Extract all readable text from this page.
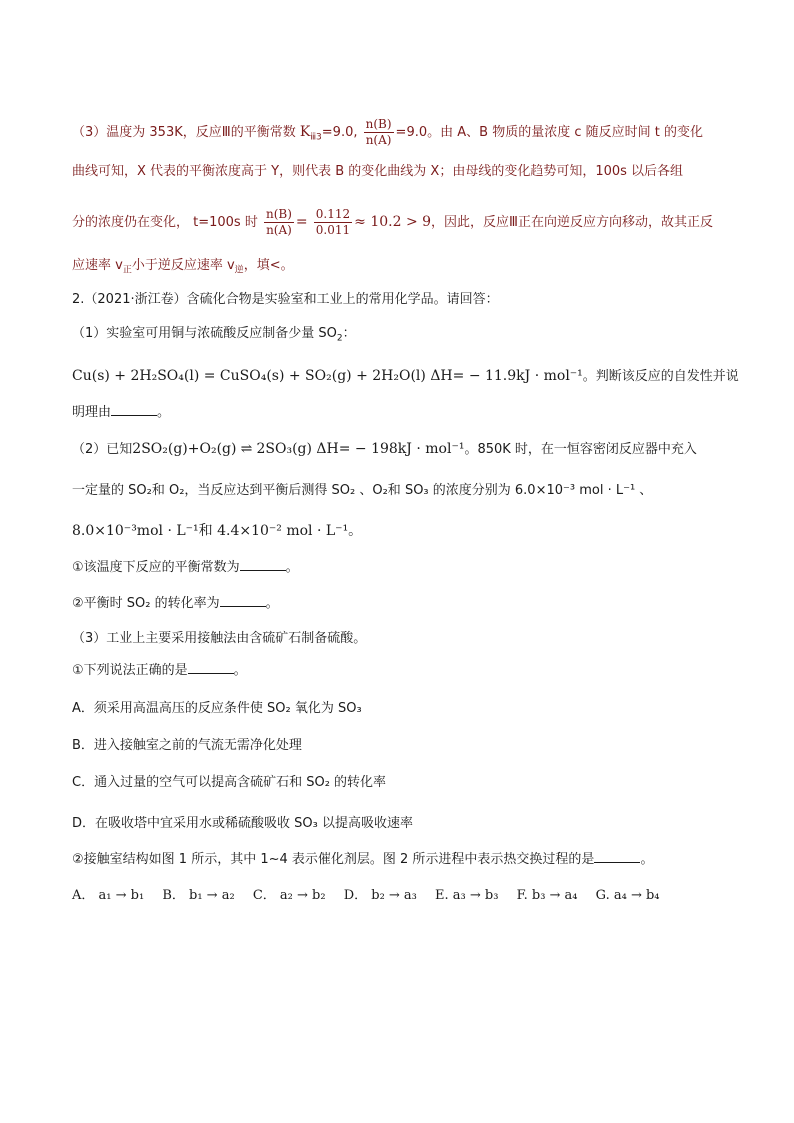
（3）温度为 353K，反应Ⅲ的平衡常数 $K_{ⅲ3}=9.0$, $\frac{n(B)}{n(A)} =9.0$。由 A、B 物质的量浓度 c 随反应时间 t 的变化
曲线可知，X 代表的平衡浓度高于 Y，则代表 B 的变化曲线为 X；由母线的变化趋势可知，100s 以后各组
分的浓度仍在变化， t=100s 时 $\frac{n(B)}{n(A)} = \frac{0.112}{0.011} \approx 10.2 > 9$，因此，反应Ⅲ正在向逆反应方向移动，故其正反
应速率 $v_正$小于逆反应速率 $v_逆$，填<。
2.（2021·浙江卷）含硫化合物是实验室和工业上的常用化学品。请回答：
（1）实验室可用铜与浓硫酸反应制备少量 $SO_2$：
Cu(s) + 2H₂SO₄(l) = CuSO₄(s) + SO₂(g) + 2H₂O(l) ΔH= − 11.9kJ · mol⁻¹。判断该反应的自发性并说
明理由	。
（2）已知2SO₂(g)+O₂(g) ⇌ 2SO₃(g) ΔH= − 198kJ · mol⁻¹。850K 时，在一恒容密闭反应器中充入
一定量的 SO₂和 O₂，当反应达到平衡后测得 SO₂ 、O₂和 SO₃ 的浓度分别为 6.0×10⁻³ mol · L⁻¹ 、
8.0×10⁻³mol · L⁻¹和 4.4×10⁻² mol · L⁻¹。
①该温度下反应的平衡常数为	。
②平衡时 SO₂ 的转化率为	。
（3）工业上主要采用接触法由含硫矿石制备硫酸。
①下列说法正确的是	。
A．须采用高温高压的反应条件使 SO₂ 氧化为 SO₃
B．进入接触室之前的气流无需净化处理
C．通入过量的空气可以提高含硫矿石和 SO₂ 的转化率
D．在吸收塔中宜采用水或稀硫酸吸收 SO₃ 以提高吸收速率
②接触室结构如图 1 所示，其中 1~4 表示催化剂层。图 2 所示进程中表示热交换过程的是	。
A． a₁ → b₁ B． b₁ → a₂ C． a₂ → b₂ D． b₂ → a₃ E. a₃ → b₃ F. b₃ → a₄ G. a₄ → b₄
